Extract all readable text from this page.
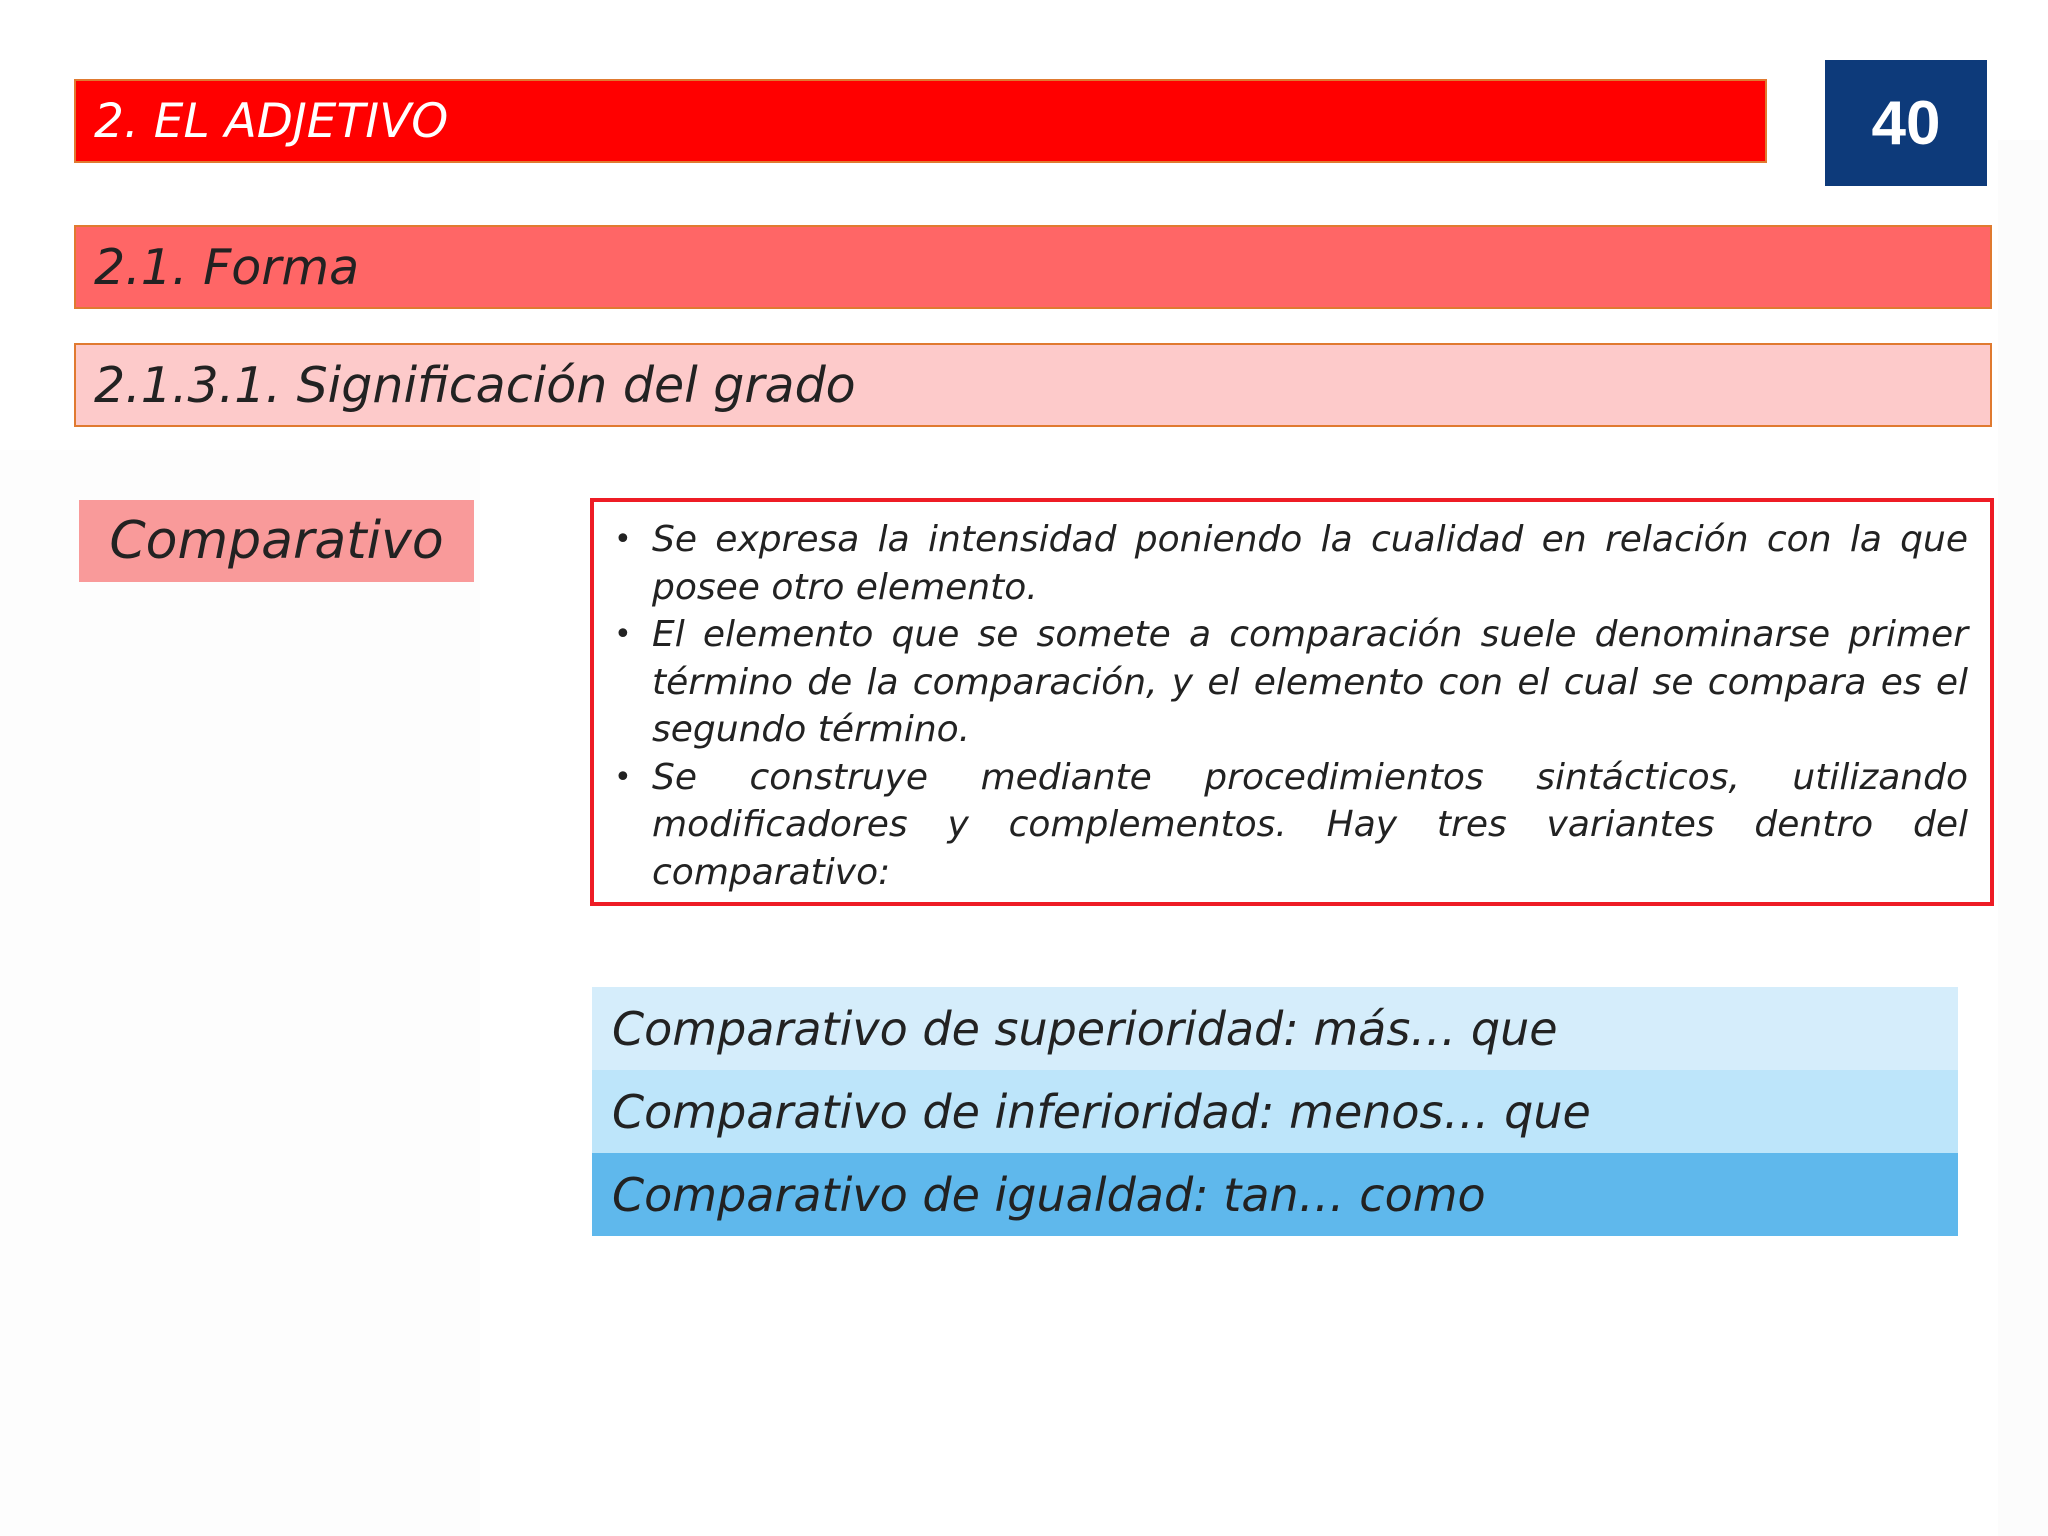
2. EL ADJETIVO	40
2.1. Forma
2.1.3.1. Significación del grado
Comparativo	• Se expresa la intensidad poniendo la cualidad en relación con la que posee otro elemento.
• El elemento que se somete a comparación suele denominarse primer término de la comparación, y el elemento con el cual se compara es el segundo término.
• Se construye mediante procedimientos sintácticos, utilizando modificadores y complementos. Hay tres variantes dentro del comparativo:
Comparativo de superioridad: más… que
Comparativo de inferioridad: menos… que
Comparativo de igualdad: tan… como
